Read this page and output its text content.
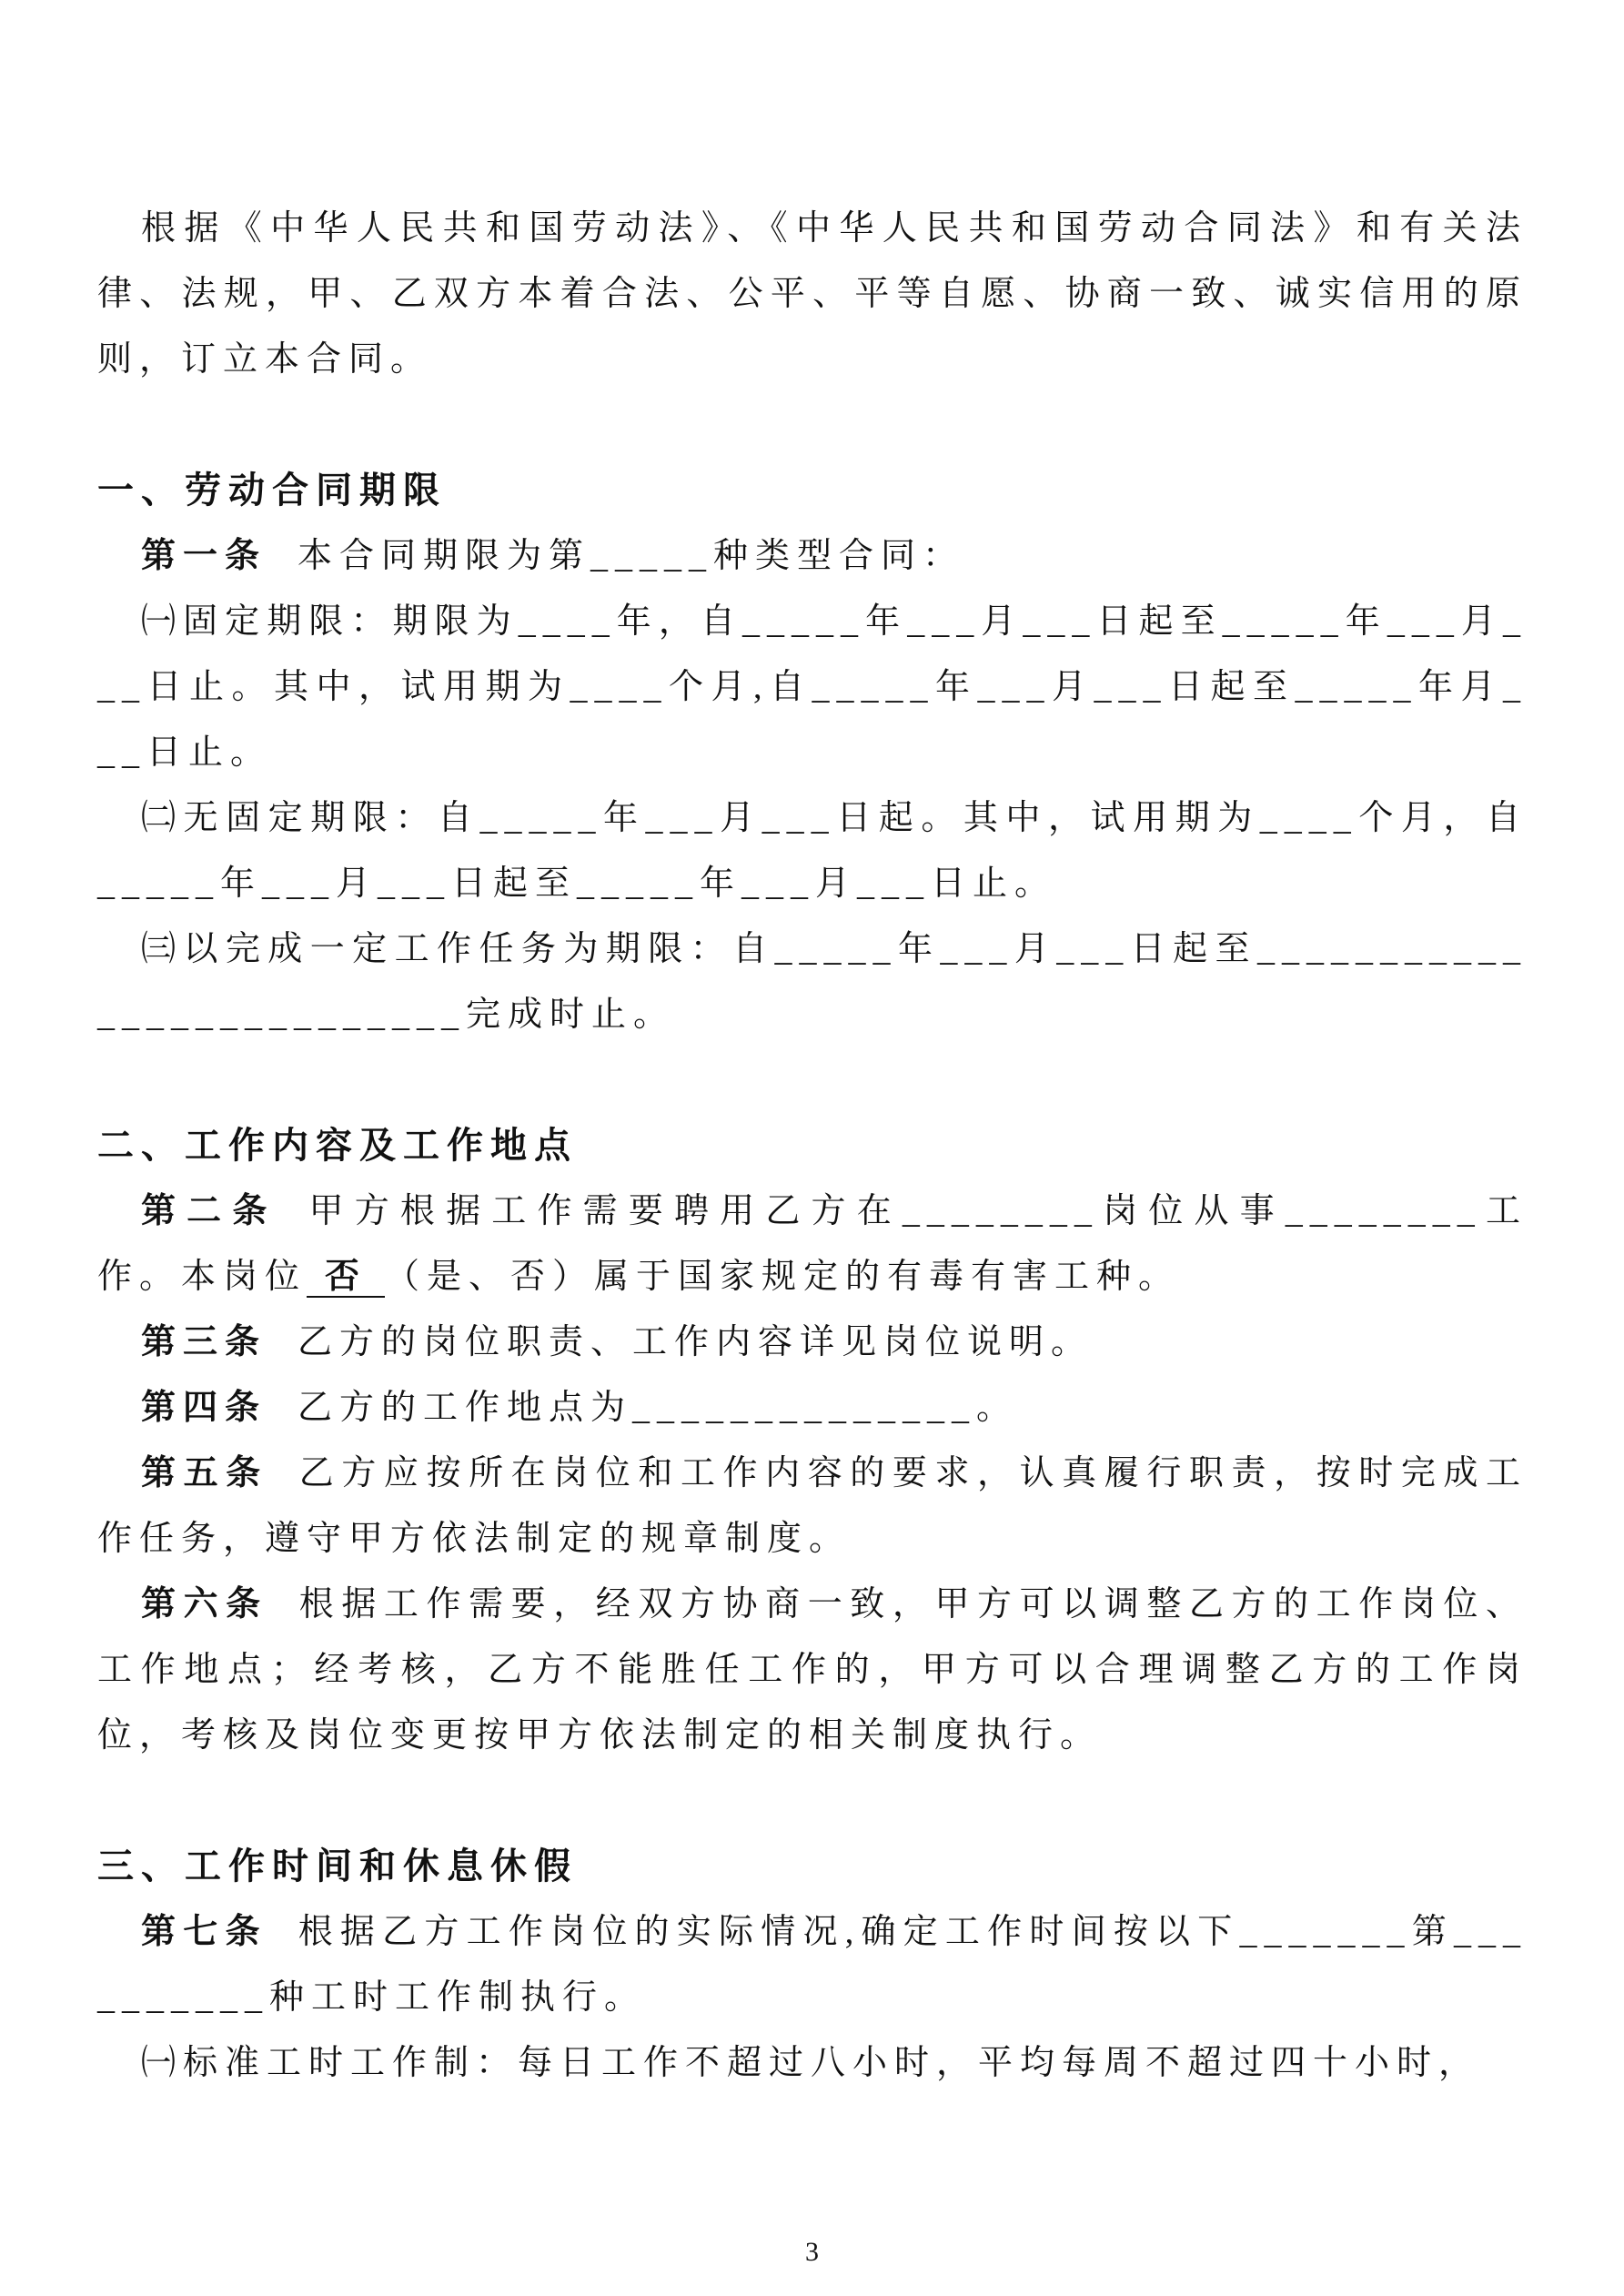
根据《中华人民共和国劳动法》、《中华人民共和国劳动合同法》和有关法律、法规，甲、乙双方本着合法、公平、平等自愿、协商一致、诚实信用的原则，订立本合同。

一、劳动合同期限

第一条 本合同期限为第_____种类型合同：

㈠固定期限：期限为____年，自_____年___月___日起至_____年___月___日止。其中，试用期为____个月,自_____年___月___日起至_____年月___日止。

㈡无固定期限：自_____年___月___日起。其中，试用期为____个月，自_____年___月___日起至_____年___月___日止。

㈢以完成一定工作任务为期限：自_____年___月___日起至__________________________完成时止。

二、工作内容及工作地点

第二条 甲方根据工作需要聘用乙方在________岗位从事________工作。本岗位 否 （是、否）属于国家规定的有毒有害工种。

第三条 乙方的岗位职责、工作内容详见岗位说明。

第四条 乙方的工作地点为______________。

第五条 乙方应按所在岗位和工作内容的要求，认真履行职责，按时完成工作任务，遵守甲方依法制定的规章制度。

第六条 根据工作需要，经双方协商一致，甲方可以调整乙方的工作岗位、工作地点；经考核，乙方不能胜任工作的，甲方可以合理调整乙方的工作岗位，考核及岗位变更按甲方依法制定的相关制度执行。

三、工作时间和休息休假

第七条 根据乙方工作岗位的实际情况,确定工作时间按以下_______第__________种工时工作制执行。

㈠标准工时工作制：每日工作不超过八小时，平均每周不超过四十小时，

3
